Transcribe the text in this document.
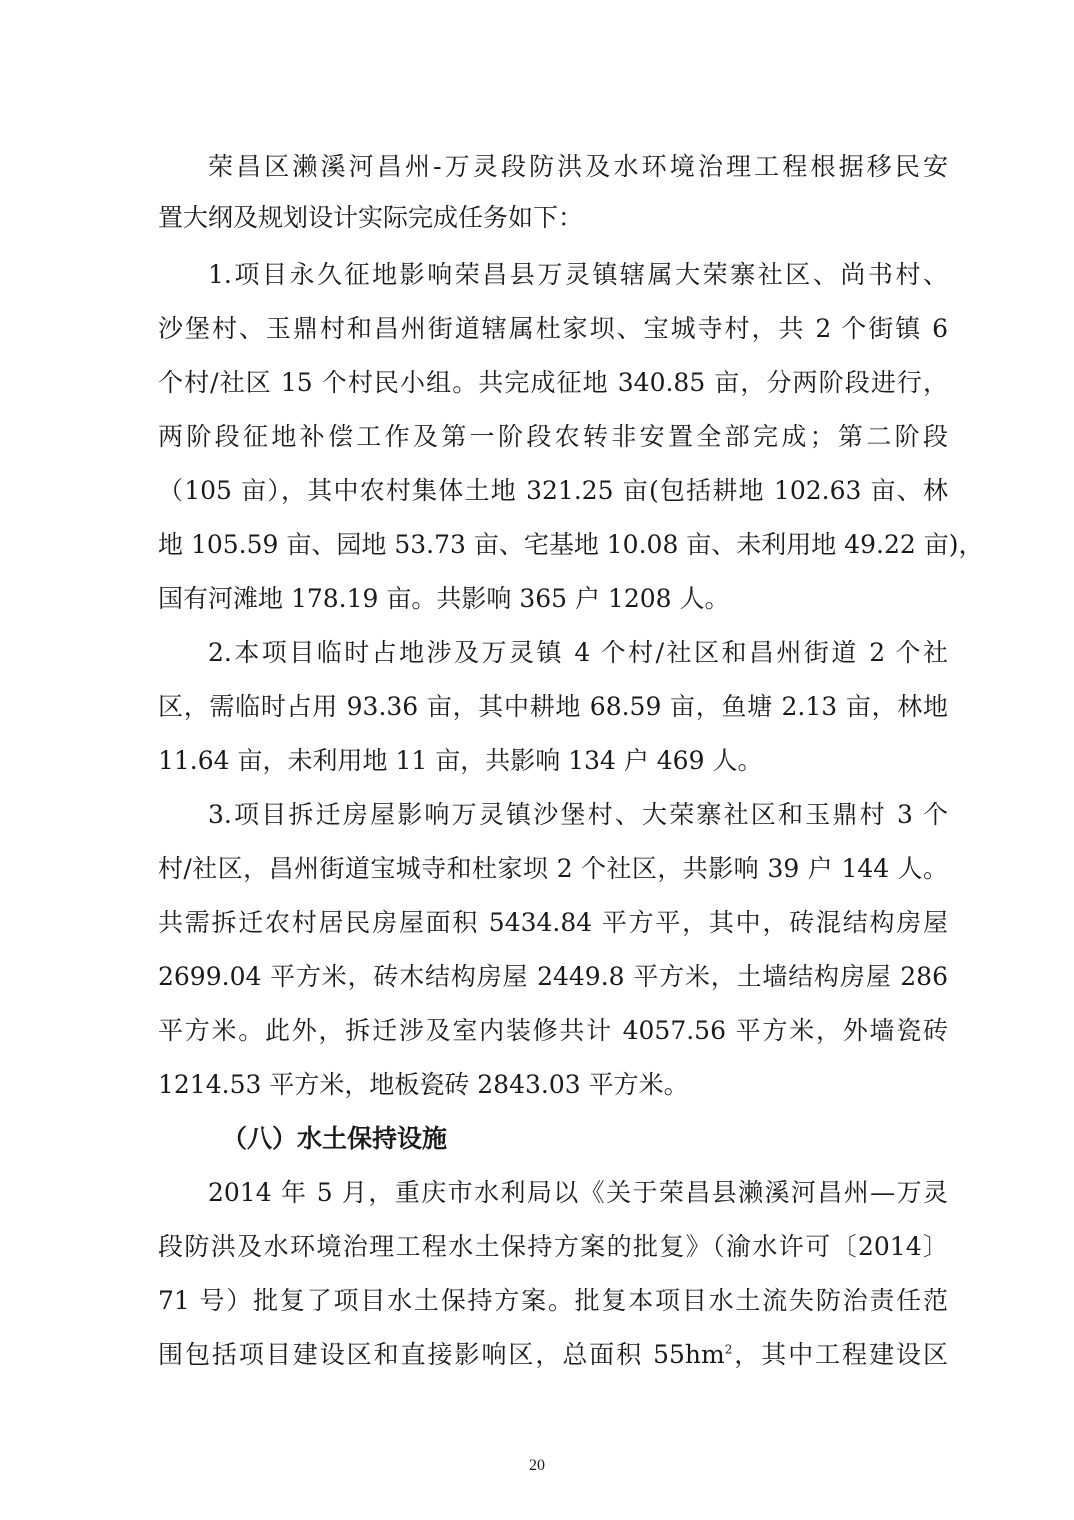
荣昌区濑溪河昌州-万灵段防洪及水环境治理工程根据移民安
置大纲及规划设计实际完成任务如下：
1.项目永久征地影响荣昌县万灵镇辖属大荣寨社区、尚书村、
沙堡村、玉鼎村和昌州街道辖属杜家坝、宝城寺村，共 2 个街镇 6
个村/社区 15 个村民小组。共完成征地 340.85 亩，分两阶段进行，
两阶段征地补偿工作及第一阶段农转非安置全部完成；第二阶段
（105 亩），其中农村集体土地 321.25 亩(包括耕地 102.63 亩、林
地 105.59 亩、园地 53.73 亩、宅基地 10.08 亩、未利用地 49.22 亩)，
国有河滩地 178.19 亩。共影响 365 户 1208 人。
2.本项目临时占地涉及万灵镇 4 个村/社区和昌州街道 2 个社
区，需临时占用 93.36 亩，其中耕地 68.59 亩，鱼塘 2.13 亩，林地
11.64 亩，未利用地 11 亩，共影响 134 户 469 人。
3.项目拆迁房屋影响万灵镇沙堡村、大荣寨社区和玉鼎村 3 个
村/社区，昌州街道宝城寺和杜家坝 2 个社区，共影响 39 户 144 人。
共需拆迁农村居民房屋面积 5434.84 平方平，其中，砖混结构房屋
2699.04 平方米，砖木结构房屋 2449.8 平方米，土墙结构房屋 286
平方米。此外，拆迁涉及室内装修共计 4057.56 平方米，外墙瓷砖
1214.53 平方米，地板瓷砖 2843.03 平方米。
（八）水土保持设施
2014 年 5 月，重庆市水利局以《关于荣昌县濑溪河昌州—万灵
段防洪及水环境治理工程水土保持方案的批复》（渝水许可〔2014〕
71 号）批复了项目水土保持方案。批复本项目水土流失防治责任范
围包括项目建设区和直接影响区，总面积 $55hm^2$，其中工程建设区
20
